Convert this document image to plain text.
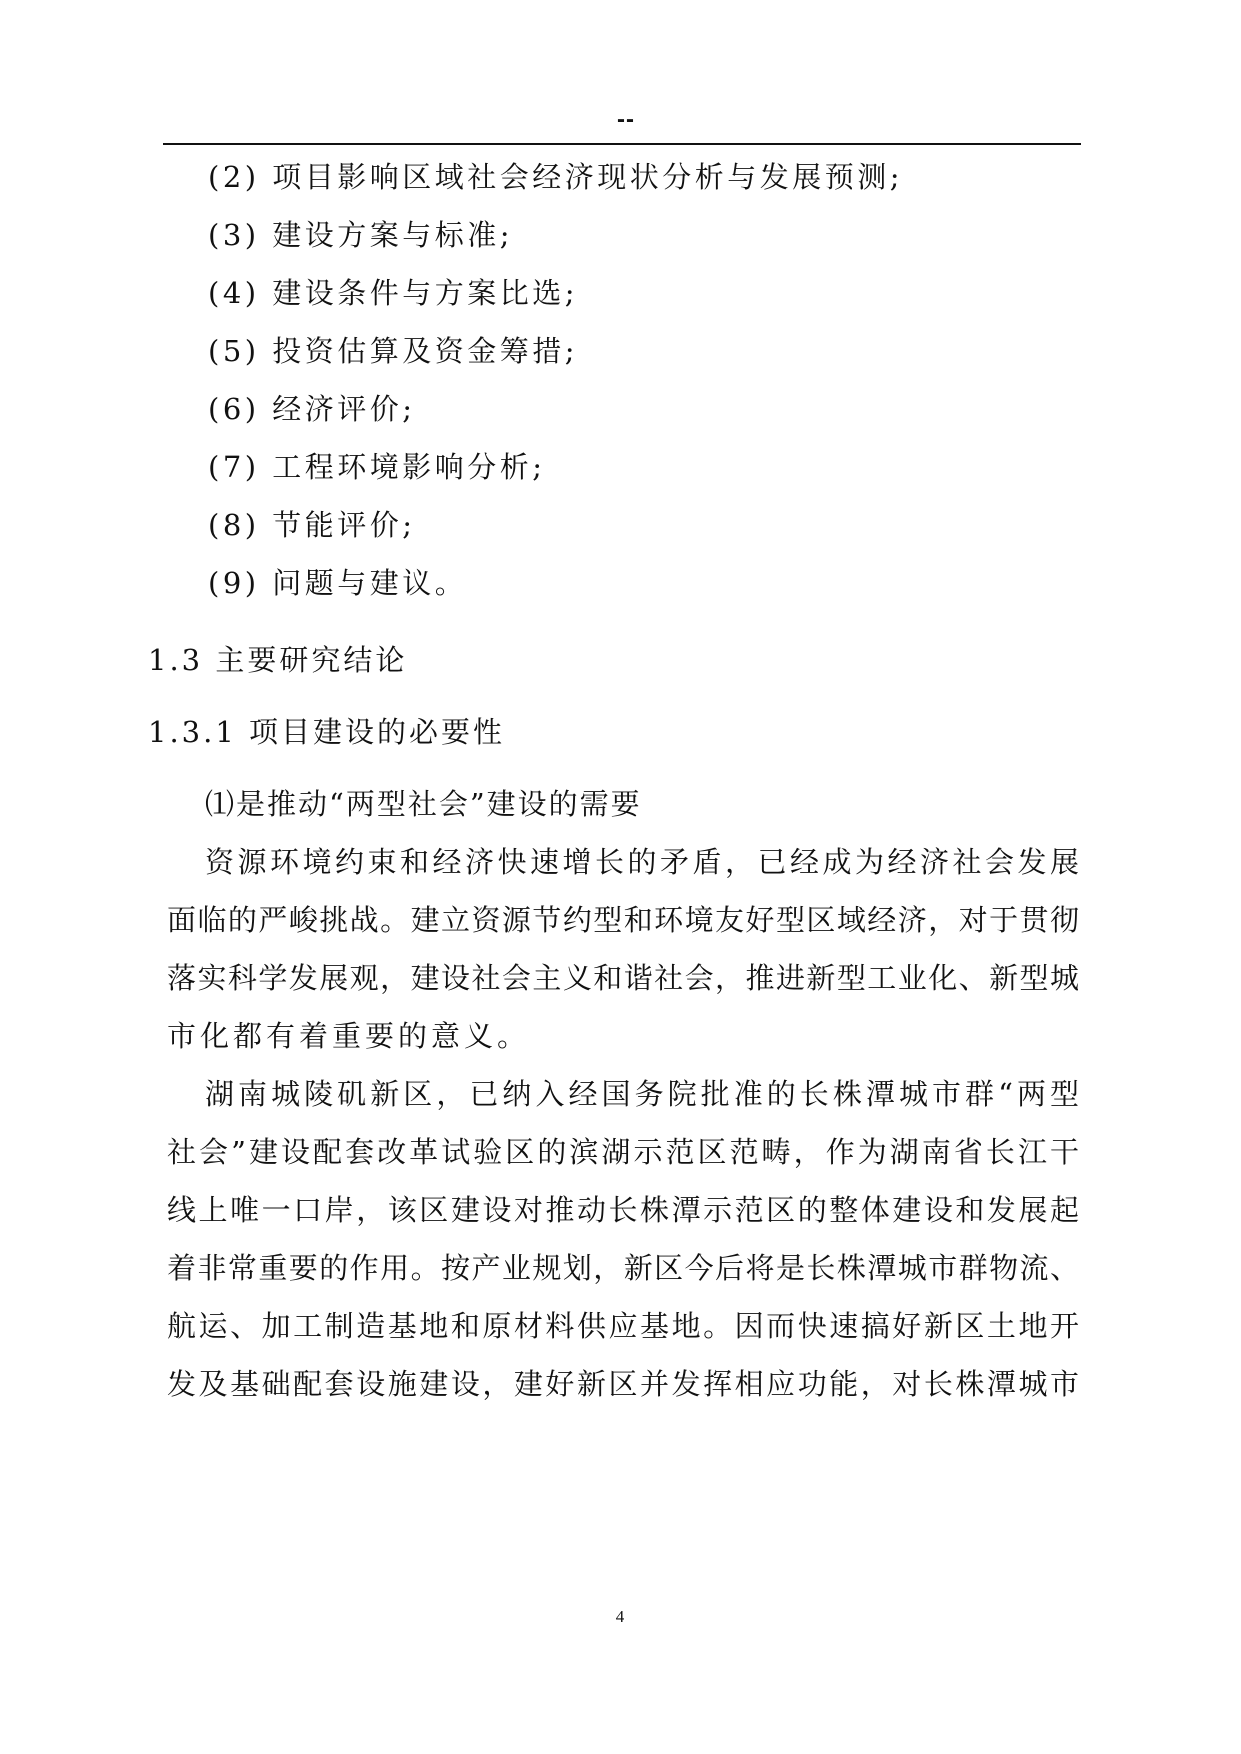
--
(2) 项目影响区域社会经济现状分析与发展预测;
(3) 建设方案与标准;
(4) 建设条件与方案比选;
(5) 投资估算及资金筹措;
(6) 经济评价;
(7) 工程环境影响分析;
(8) 节能评价;
(9) 问题与建议。
1.3 主要研究结论
1.3.1 项目建设的必要性
⑴是推动“两型社会”建设的需要
资源环境约束和经济快速增长的矛盾，已经成为经济社会发展
面临的严峻挑战。建立资源节约型和环境友好型区域经济，对于贯彻
落实科学发展观，建设社会主义和谐社会，推进新型工业化、新型城
市化都有着重要的意义。
湖南城陵矶新区，已纳入经国务院批准的长株潭城市群“两型
社会”建设配套改革试验区的滨湖示范区范畴，作为湖南省长江干
线上唯一口岸，该区建设对推动长株潭示范区的整体建设和发展起
着非常重要的作用。按产业规划，新区今后将是长株潭城市群物流、
航运、加工制造基地和原材料供应基地。因而快速搞好新区土地开
发及基础配套设施建设，建好新区并发挥相应功能，对长株潭城市
4
